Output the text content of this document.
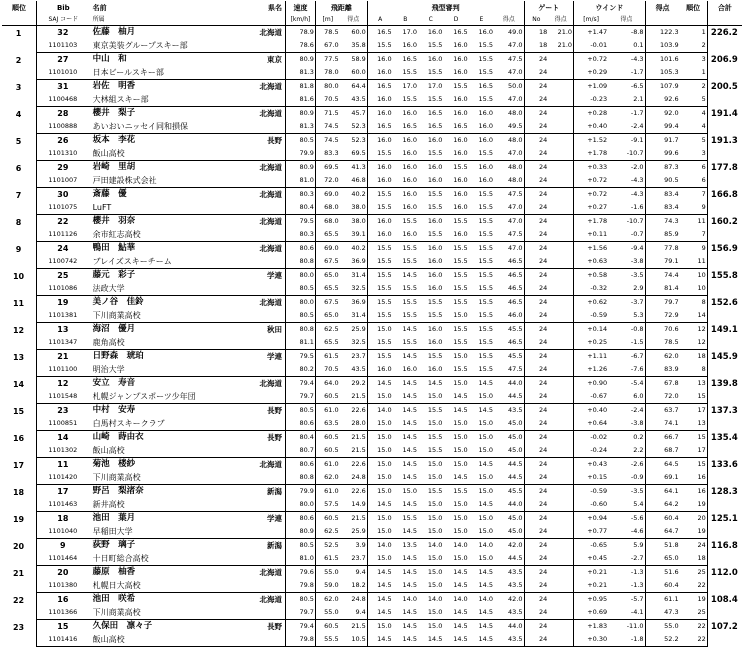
順位	Bib	名前	県名	速度	飛距離		飛型審判						ゲート		ウインド		得点	順位	合計
	SAJ コード	所属		[km/h]	[m]	得点	A	B	C	D	E	得点	No	得点	[m/s]	得点			
1	32	佐藤　柚月	北海道	78.9	78.5	60.0	16.5	17.0	16.0	16.5	16.0	49.0	18	21.0	+1.47	-8.8	122.3	1	226.2
	1101103	東京美装グループスキー部		78.6	67.0	35.8	15.5	16.0	15.5	16.0	15.5	47.0	18	21.0	-0.01	0.1	103.9	2	
2	27	中山　和	東京	80.9	77.5	58.9	16.0	16.5	16.0	16.0	15.5	47.5	24		+0.72	-4.3	101.6	3	206.9
	1101010	日本ビールスキー部		81.3	78.0	60.0	16.0	15.5	15.5	16.0	15.5	47.0	24		+0.29	-1.7	105.3	1	
3	31	岩佐　明香	北海道	81.8	80.0	64.4	16.5	17.0	17.0	15.5	16.5	50.0	24		+1.09	-6.5	107.9	2	200.5
	1100468	大林組スキー部		81.6	70.5	43.5	16.0	15.5	15.5	16.0	15.5	47.0	24		-0.23	2.1	92.6	5	
4	28	櫻井　梨子	北海道	80.9	71.5	45.7	16.0	16.0	16.5	16.0	16.0	48.0	24		+0.28	-1.7	92.0	4	191.4
	1100888	あいおいニッセイ同和損保		81.3	74.5	52.3	16.5	16.5	16.5	16.5	16.0	49.5	24		+0.40	-2.4	99.4	4	
5	26	坂本　李花	長野	80.5	74.5	52.3	16.0	16.0	16.0	16.0	16.0	48.0	24		+1.52	-9.1	91.7	5	191.3
	1101310	飯山高校		79.9	83.3	69.5	15.5	16.0	15.5	16.0	15.5	47.0	24		+1.78	-10.7	99.6	3	
6	29	岩崎　里胡	北海道	80.9	69.5	41.3	16.0	16.0	16.0	15.5	16.0	48.0	24		+0.33	-2.0	87.3	6	177.8
	1101007	戸田建設株式会社		81.0	72.0	46.8	16.0	16.0	16.0	16.0	16.0	48.0	24		+0.72	-4.3	90.5	6	
7	30	斎藤　優	北海道	80.3	69.0	40.2	15.5	16.0	15.5	16.0	15.5	47.5	24		+0.72	-4.3	83.4	7	166.8
	1101075	LuFT		80.4	68.0	38.0	15.5	16.0	15.5	16.0	15.5	47.0	24		+0.27	-1.6	83.4	9	
8	22	櫻井　羽奈	北海道	79.5	68.0	38.0	16.0	15.5	16.0	15.5	15.5	47.0	24		+1.78	-10.7	74.3	11	160.2
	1101126	余市紅志高校		80.3	65.5	39.1	16.0	16.0	15.5	16.0	15.5	47.5	24		+0.11	-0.7	85.9	7	
9	24	鴨田　鮎華	北海道	80.6	69.0	40.2	15.5	15.5	16.0	15.5	15.5	47.0	24		+1.56	-9.4	77.8	9	156.9
	1100742	ブレイズスキーチーム		80.8	67.5	36.9	15.5	15.5	16.0	15.5	15.5	46.5	24		+0.63	-3.8	79.1	11	
10	25	藤元　彩子	学連	80.0	65.0	31.4	15.5	14.5	16.0	15.5	15.5	46.5	24		+0.58	-3.5	74.4	10	155.8
	1101086	法政大学		80.5	65.5	32.5	15.5	15.5	16.0	15.5	15.5	46.5	24		-0.32	2.9	81.4	10	
11	19	美ノ谷　佳鈴	北海道	80.0	67.5	36.9	15.5	15.5	15.5	15.5	15.5	46.5	24		+0.62	-3.7	79.7	8	152.6
	1101381	下川商業高校		80.5	65.0	31.4	15.5	15.5	15.5	15.0	15.5	46.0	24		-0.59	5.3	72.9	14	
12	13	海沼　優月	秋田	80.8	62.5	25.9	15.0	14.5	16.0	15.5	15.5	45.5	24		+0.14	-0.8	70.6	12	149.1
	1101347	鹿角高校		81.1	65.5	32.5	15.5	15.5	16.0	15.5	15.5	46.5	24		+0.25	-1.5	78.5	12	
13	21	日野森　琥珀	学連	79.5	61.5	23.7	15.5	14.5	15.5	15.0	15.5	45.5	24		+1.11	-6.7	62.0	18	145.9
	1101100	明治大学		80.2	70.5	43.5	16.0	16.0	16.0	15.5	15.5	47.5	24		+1.26	-7.6	83.9	8	
14	12	安立　寿音	北海道	79.4	64.0	29.2	14.5	14.5	14.5	15.0	14.5	44.0	24		+0.90	-5.4	67.8	13	139.8
	1101548	札幌ジャンプスポーツ少年団		79.7	60.5	21.5	15.0	14.5	15.0	14.5	15.0	44.5	24		-0.67	6.0	72.0	15	
15	23	中村　安寿	長野	80.5	61.0	22.6	14.0	14.5	15.5	14.5	14.5	43.5	24		+0.40	-2.4	63.7	17	137.3
	1100851	白馬村スキークラブ		80.6	63.5	28.0	15.0	14.5	15.0	15.0	15.0	45.0	24		+0.64	-3.8	74.1	13	
16	14	山崎　蒔由衣	長野	80.4	60.5	21.5	15.0	14.5	15.5	15.0	15.0	45.0	24		-0.02	0.2	66.7	15	135.4
	1101302	飯山高校		80.7	60.5	21.5	15.0	14.5	15.5	15.0	15.0	45.0	24		-0.24	2.2	68.7	17	
17	11	菊池　楼紗	北海道	80.6	61.0	22.6	15.0	14.5	15.0	15.0	14.5	44.5	24		+0.43	-2.6	64.5	15	133.6
	1101420	下川商業高校		80.8	62.0	24.8	15.0	14.5	15.0	14.5	15.0	44.5	24		+0.15	-0.9	69.1	16	
18	17	野呂　梨渚奈	新潟	79.9	61.0	22.6	15.0	15.0	15.5	15.5	15.0	45.5	24		-0.59	-3.5	64.1	16	128.3
	1101463	新井高校		80.0	57.5	14.9	14.5	14.5	15.0	15.0	14.5	44.0	24		-0.60	5.4	64.2	19	
19	18	池田　葉月	学連	80.6	60.5	21.5	15.0	15.5	15.0	15.0	15.0	45.0	24		+0.94	-5.6	60.4	20	125.1
	1101040	早稲田大学		80.9	62.5	25.9	15.0	14.5	15.0	15.0	15.0	45.0	24		+0.77	-4.6	64.7	19	
20	9	荻野　璃子	新潟	80.5	52.5	3.9	14.0	13.5	14.0	14.0	14.0	42.0	24		-0.65	5.9	51.8	24	116.8
	1101464	十日町総合高校		81.0	61.5	23.7	15.0	14.5	15.0	15.0	15.0	44.5	24		+0.45	-2.7	65.0	18	
21	20	藤原　柚香	北海道	79.6	55.0	9.4	14.5	14.5	15.0	14.5	14.5	43.5	24		+0.21	-1.3	51.6	25	112.0
	1101380	札幌日大高校		79.8	59.0	18.2	14.5	14.5	15.0	14.5	14.5	43.5	24		+0.21	-1.3	60.4	22	
22	16	池田　咲希	北海道	80.5	62.0	24.8	14.5	14.0	14.0	14.0	14.0	42.0	24		+0.95	-5.7	61.1	19	108.4
	1101366	下川商業高校		79.7	55.0	9.4	14.5	14.5	15.0	14.5	14.5	43.5	24		+0.69	-4.1	47.3	25	
23	15	久保田　凛々子	長野	79.4	60.5	21.5	15.0	14.5	15.0	14.5	14.5	44.0	24		+1.83	-11.0	55.0	22	107.2
	1101416	飯山高校		79.8	55.5	10.5	14.5	14.5	14.5	14.5	14.5	43.5	24		+0.30	-1.8	52.2	22	
